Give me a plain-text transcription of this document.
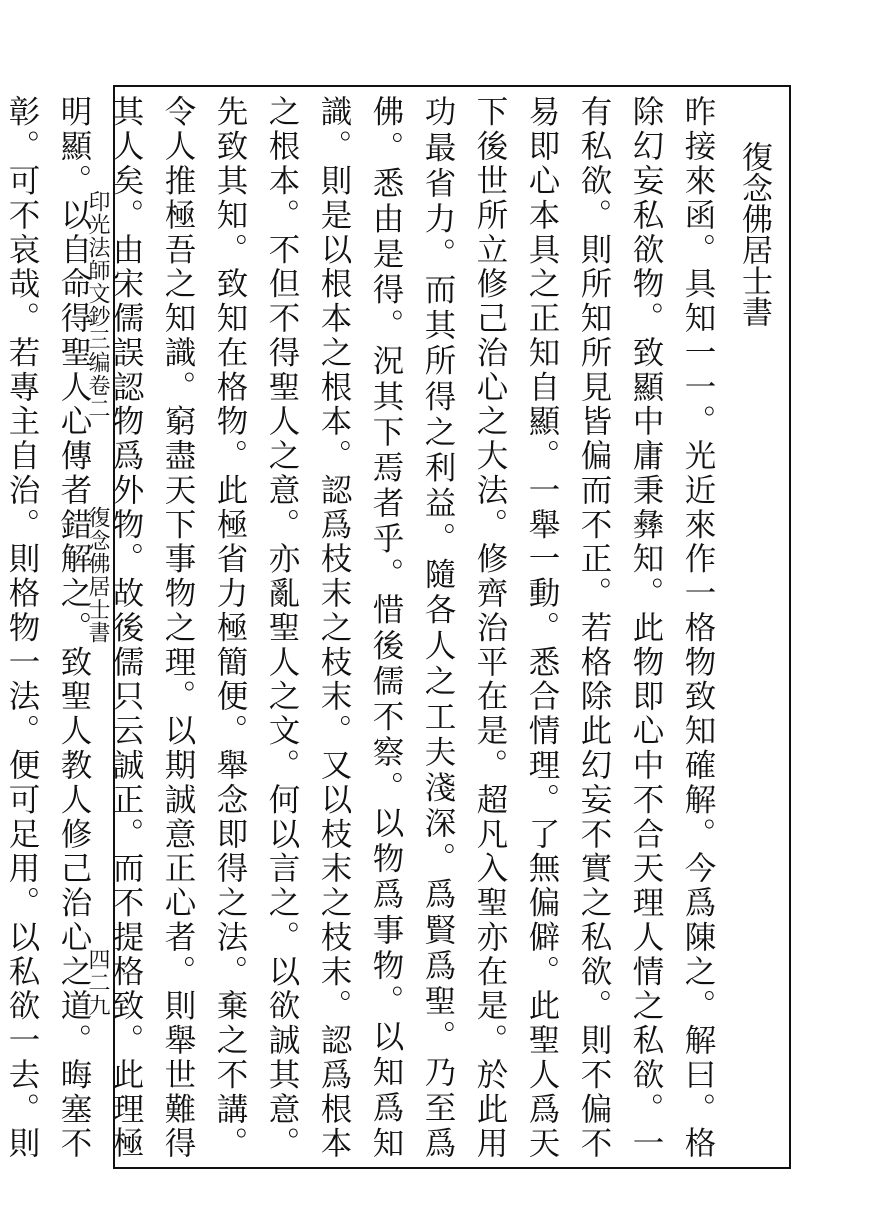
印光法師文鈔三编卷二  復念佛居士書
四二九
復念佛居士書
昨接來函。具知一一。光近來作一格物致知確解。今爲陳之。解曰。格除幻妄私欲物。致顯中庸秉彝知。此物即心中不合天理人情之私欲。一有私欲。則所知所見皆偏而不正。若格除此幻妄不實之私欲。則不偏不易即心本具之正知自顯。一舉一動。悉合情理。了無偏僻。此聖人爲天下後世所立修己治心之大法。修齊治平在是。超凡入聖亦在是。於此用功最省力。而其所得之利益。隨各人之工夫淺深。爲賢爲聖。乃至爲佛。悉由是得。況其下焉者乎。惜後儒不察。以物爲事物。以知爲知識。則是以根本之根本。認爲枝末之枝末。又以枝末之枝末。認爲根本之根本。不但不得聖人之意。亦亂聖人之文。何以言之。以欲誠其意。先致其知。致知在格物。此極省力極簡便。舉念即得之法。棄之不講。令人推極吾之知識。窮盡天下事物之理。以期誠意正心者。則舉世難得其人矣。由宋儒誤認物爲外物。故後儒只云誠正。而不提格致。此理極明顯。以自命得聖人心傳者錯解之。致聖人教人修己治心之道。晦塞不彰。可不哀哉。若專主自治。則格物一法。便可足用。以私欲一去。則
